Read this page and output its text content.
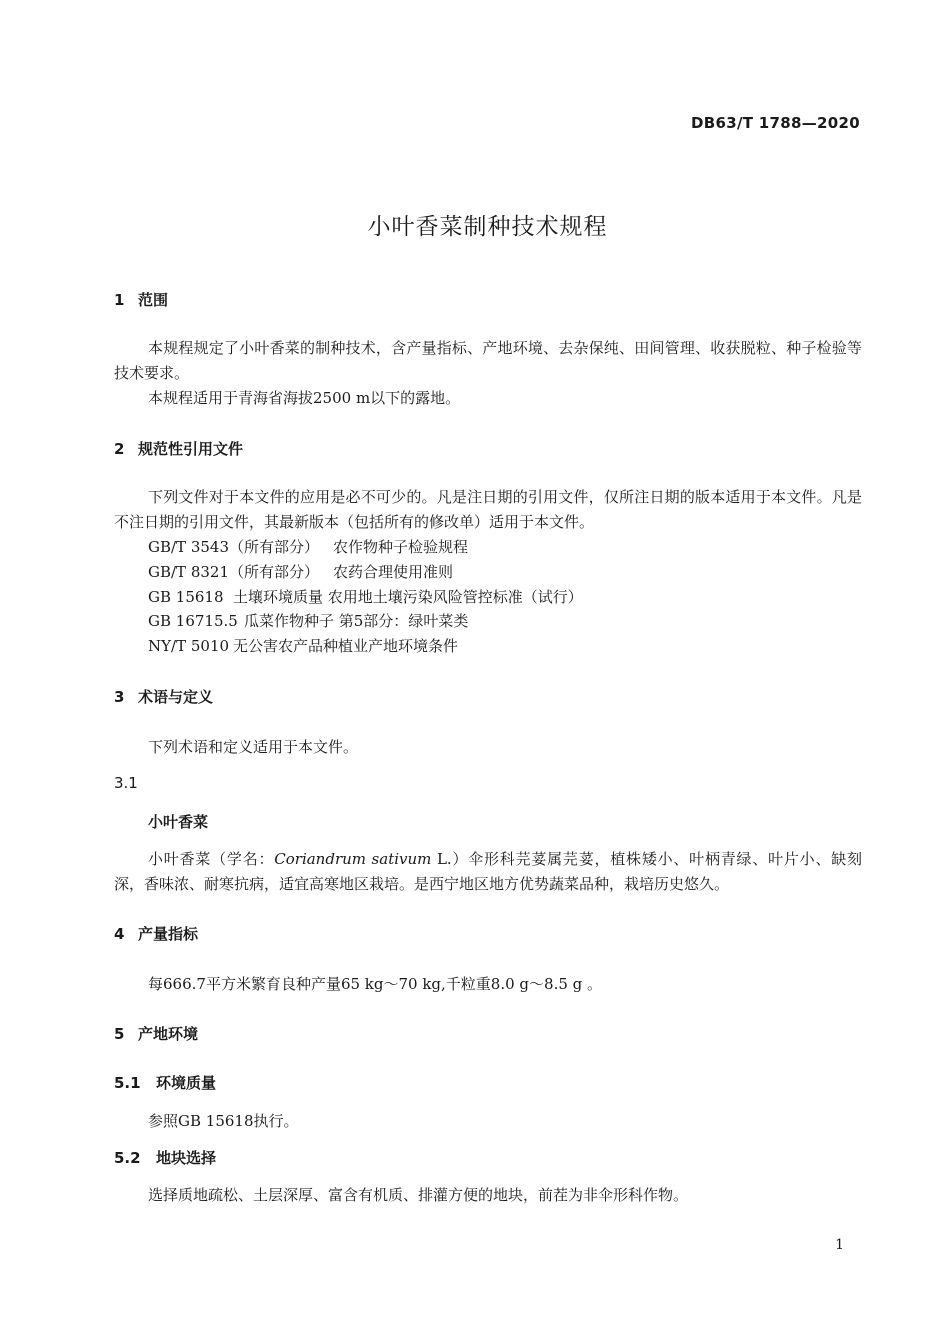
DB63/T 1788—2020
小叶香菜制种技术规程
1 范围
本规程规定了小叶香菜的制种技术，含产量指标、产地环境、去杂保纯、田间管理、收获脱粒、种子检验等技术要求。
本规程适用于青海省海拔2500 m以下的露地。
2 规范性引用文件
下列文件对于本文件的应用是必不可少的。凡是注日期的引用文件，仅所注日期的版本适用于本文件。凡是不注日期的引用文件，其最新版本（包括所有的修改单）适用于本文件。
GB/T 3543（所有部分） 农作物种子检验规程
GB/T 8321（所有部分） 农药合理使用准则
GB 15618 土壤环境质量 农用地土壤污染风险管控标准（试行）
GB 16715.5 瓜菜作物种子 第5部分：绿叶菜类
NY/T 5010 无公害农产品种植业产地环境条件
3 术语与定义
下列术语和定义适用于本文件。
3.1
小叶香菜
小叶香菜（学名：Coriandrum sativum L.）伞形科芫荽属芫荽，植株矮小、叶柄青绿、叶片小、缺刻深，香味浓、耐寒抗病，适宜高寒地区栽培。是西宁地区地方优势蔬菜品种，栽培历史悠久。
4 产量指标
每666.7平方米繁育良种产量65 kg～70 kg,千粒重8.0 g～8.5 g 。
5 产地环境
5.1 环境质量
参照GB 15618执行。
5.2 地块选择
选择质地疏松、土层深厚、富含有机质、排灌方便的地块，前茬为非伞形科作物。
1
